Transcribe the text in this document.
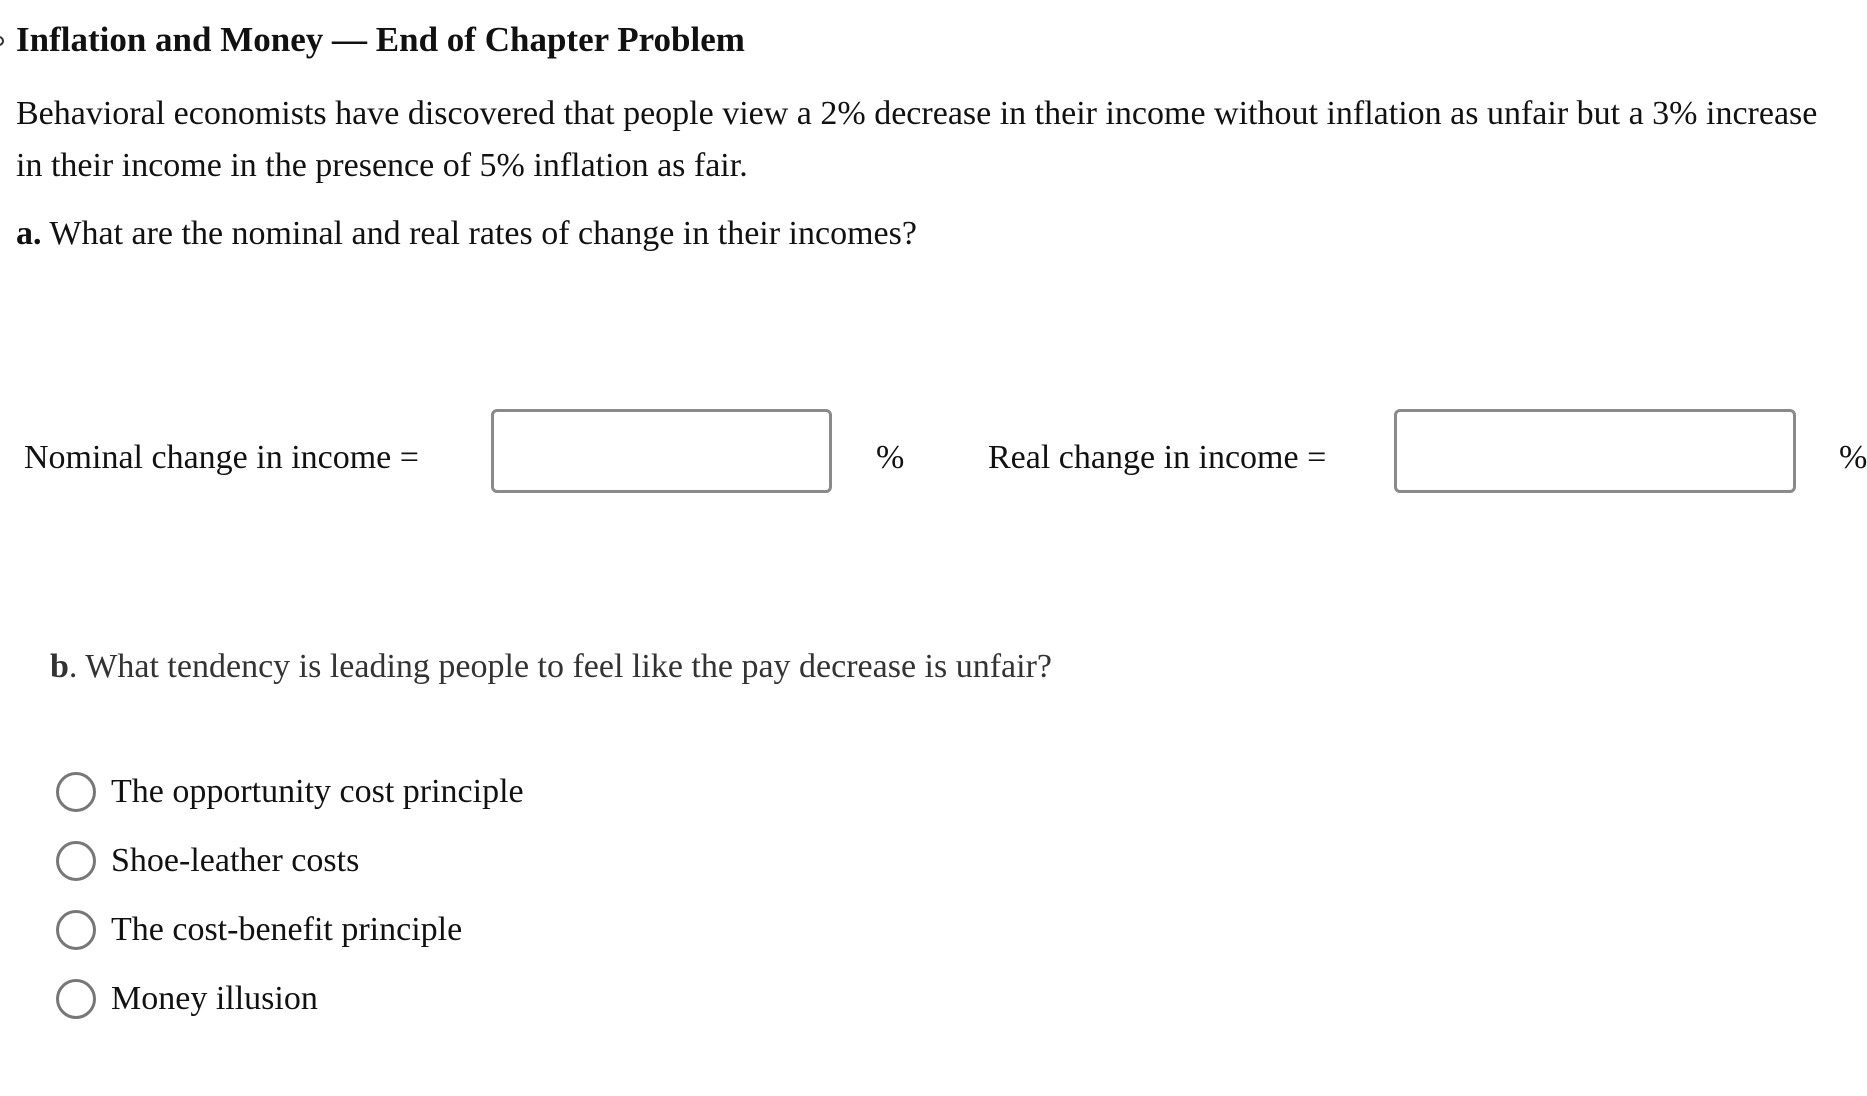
Inflation and Money — End of Chapter Problem

Behavioral economists have discovered that people view a 2% decrease in their income without inflation as unfair but a 3% increase in their income in the presence of 5% inflation as fair.

a. What are the nominal and real rates of change in their incomes?

Nominal change in income =	% Real change in income =	%

b. What tendency is leading people to feel like the pay decrease is unfair?

The opportunity cost principle
Shoe-leather costs
The cost-benefit principle
Money illusion
